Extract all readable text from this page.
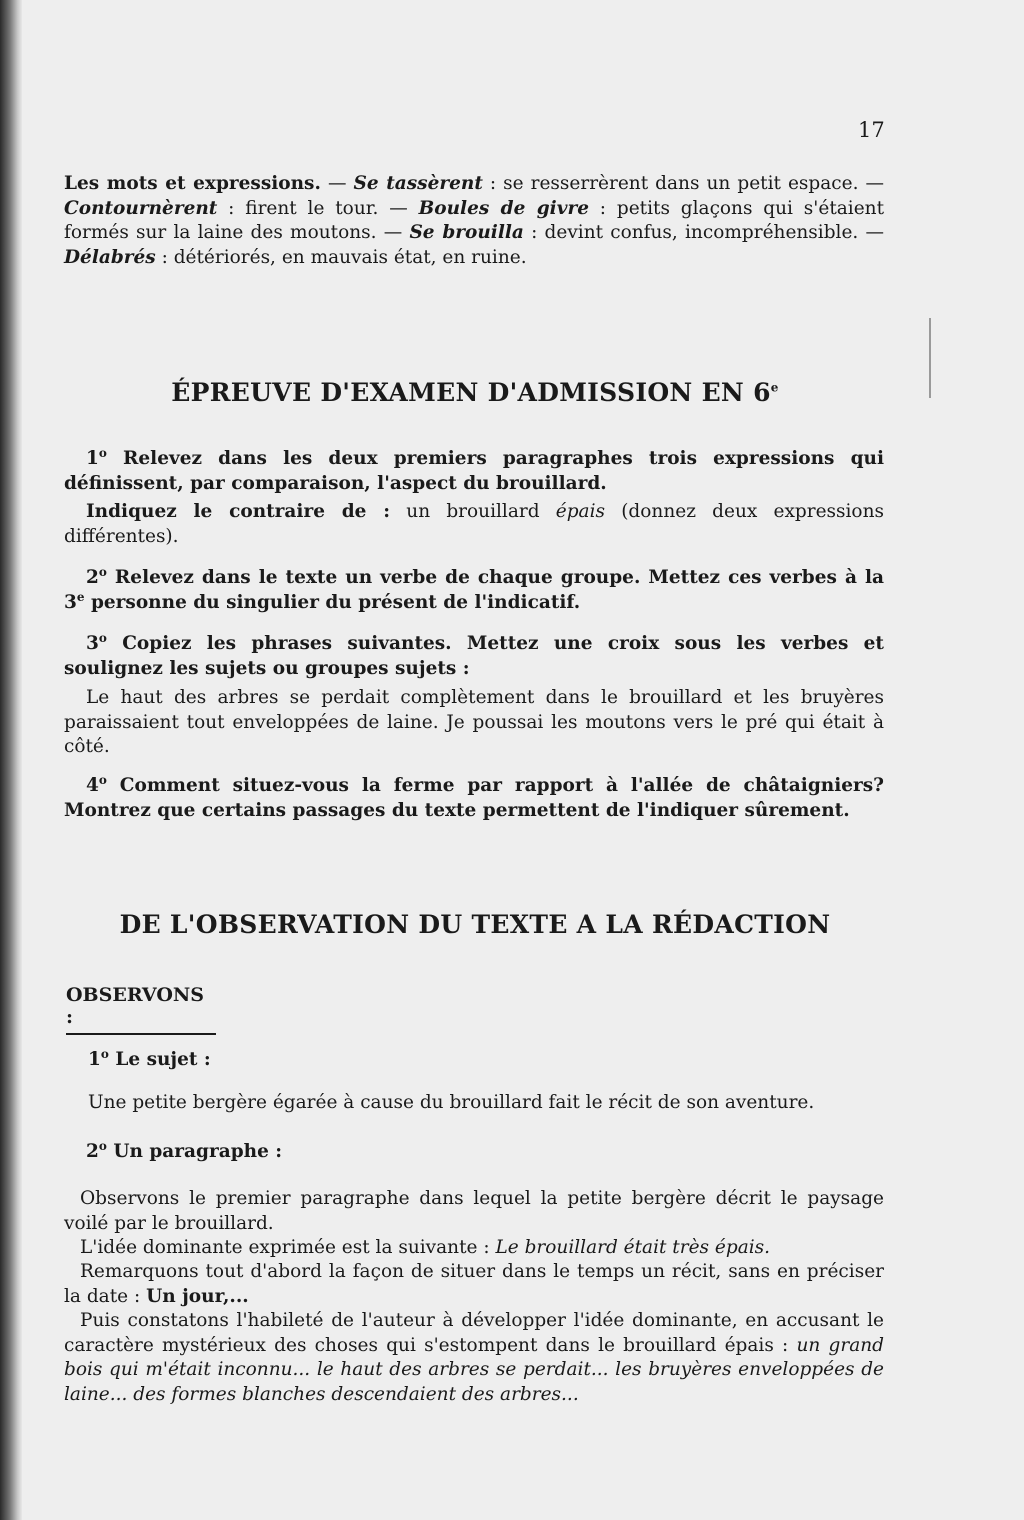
17

Les mots et expressions. — Se tassèrent : se resserrèrent dans un petit espace. — Contournèrent : firent le tour. — Boules de givre : petits glaçons qui s'étaient formés sur la laine des moutons. — Se brouilla : devint confus, incompréhensible. — Délabrés : détériorés, en mauvais état, en ruine.

ÉPREUVE D'EXAMEN D'ADMISSION EN 6e

1$^o$ Relevez dans les deux premiers paragraphes trois expressions qui définissent, par comparaison, l'aspect du brouillard.

Indiquez le contraire de : un brouillard épais (donnez deux expressions différentes).

2$^o$ Relevez dans le texte un verbe de chaque groupe. Mettez ces verbes à la 3e personne du singulier du présent de l'indicatif.

3$^o$ Copiez les phrases suivantes. Mettez une croix sous les verbes et soulignez les sujets ou groupes sujets :

Le haut des arbres se perdait complètement dans le brouillard et les bruyères paraissaient tout enveloppées de laine. Je poussai les moutons vers le pré qui était à côté.

4$^o$ Comment situez-vous la ferme par rapport à l'allée de châtaigniers? Montrez que certains passages du texte permettent de l'indiquer sûrement.

DE L'OBSERVATION DU TEXTE A LA RÉDACTION
OBSERVONS :

1$^o$ Le sujet :

Une petite bergère égarée à cause du brouillard fait le récit de son aventure.

2$^o$ Un paragraphe :

Observons le premier paragraphe dans lequel la petite bergère décrit le paysage voilé par le brouillard.

L'idée dominante exprimée est la suivante : Le brouillard était très épais.

Remarquons tout d'abord la façon de situer dans le temps un récit, sans en préciser la date : Un jour,...

Puis constatons l'habileté de l'auteur à développer l'idée dominante, en accusant le caractère mystérieux des choses qui s'estompent dans le brouillard épais : un grand bois qui m'était inconnu... le haut des arbres se perdait... les bruyères enveloppées de laine... des formes blanches descendaient des arbres...
